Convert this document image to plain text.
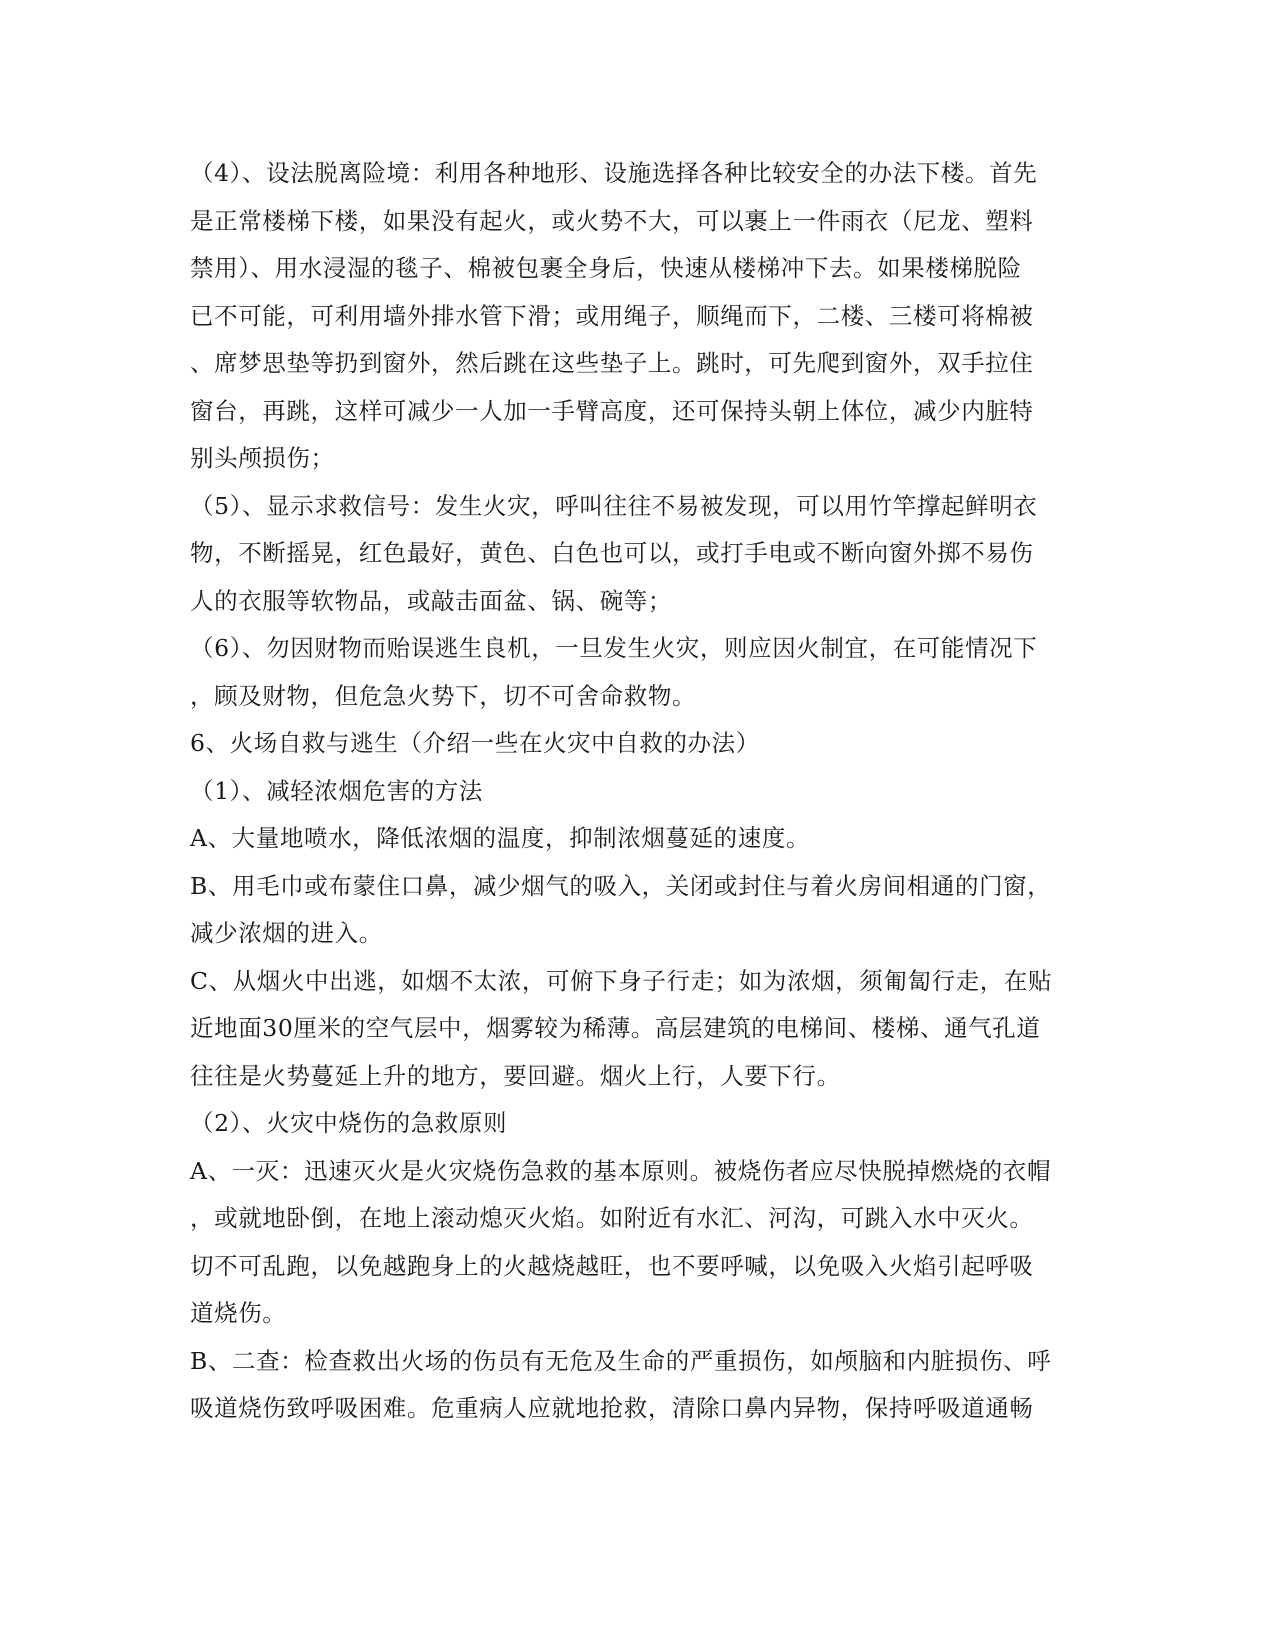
（4）、设法脱离险境：利用各种地形、设施选择各种比较安全的办法下楼。首先
是正常楼梯下楼，如果没有起火，或火势不大，可以裹上一件雨衣（尼龙、塑料
禁用）、用水浸湿的毯子、棉被包裹全身后，快速从楼梯冲下去。如果楼梯脱险
已不可能，可利用墙外排水管下滑；或用绳子，顺绳而下，二楼、三楼可将棉被
、席梦思垫等扔到窗外，然后跳在这些垫子上。跳时，可先爬到窗外，双手拉住
窗台，再跳，这样可减少一人加一手臂高度，还可保持头朝上体位，减少内脏特
别头颅损伤；
（5）、显示求救信号：发生火灾，呼叫往往不易被发现，可以用竹竿撑起鲜明衣
物，不断摇晃，红色最好，黄色、白色也可以，或打手电或不断向窗外掷不易伤
人的衣服等软物品，或敲击面盆、锅、碗等；
（6）、勿因财物而贻误逃生良机，一旦发生火灾，则应因火制宜，在可能情况下
，顾及财物，但危急火势下，切不可舍命救物。
6、火场自救与逃生（介绍一些在火灾中自救的办法）
（1）、减轻浓烟危害的方法
A、大量地喷水，降低浓烟的温度，抑制浓烟蔓延的速度。
B、用毛巾或布蒙住口鼻，减少烟气的吸入，关闭或封住与着火房间相通的门窗，
减少浓烟的进入。
C、从烟火中出逃，如烟不太浓，可俯下身子行走；如为浓烟，须匍匐行走，在贴
近地面30厘米的空气层中，烟雾较为稀薄。高层建筑的电梯间、楼梯、通气孔道
往往是火势蔓延上升的地方，要回避。烟火上行，人要下行。
（2）、火灾中烧伤的急救原则
A、一灭：迅速灭火是火灾烧伤急救的基本原则。被烧伤者应尽快脱掉燃烧的衣帽
，或就地卧倒，在地上滚动熄灭火焰。如附近有水汇、河沟，可跳入水中灭火。
切不可乱跑，以免越跑身上的火越烧越旺，也不要呼喊，以免吸入火焰引起呼吸
道烧伤。
B、二查：检查救出火场的伤员有无危及生命的严重损伤，如颅脑和内脏损伤、呼
吸道烧伤致呼吸困难。危重病人应就地抢救，清除口鼻内异物，保持呼吸道通畅
